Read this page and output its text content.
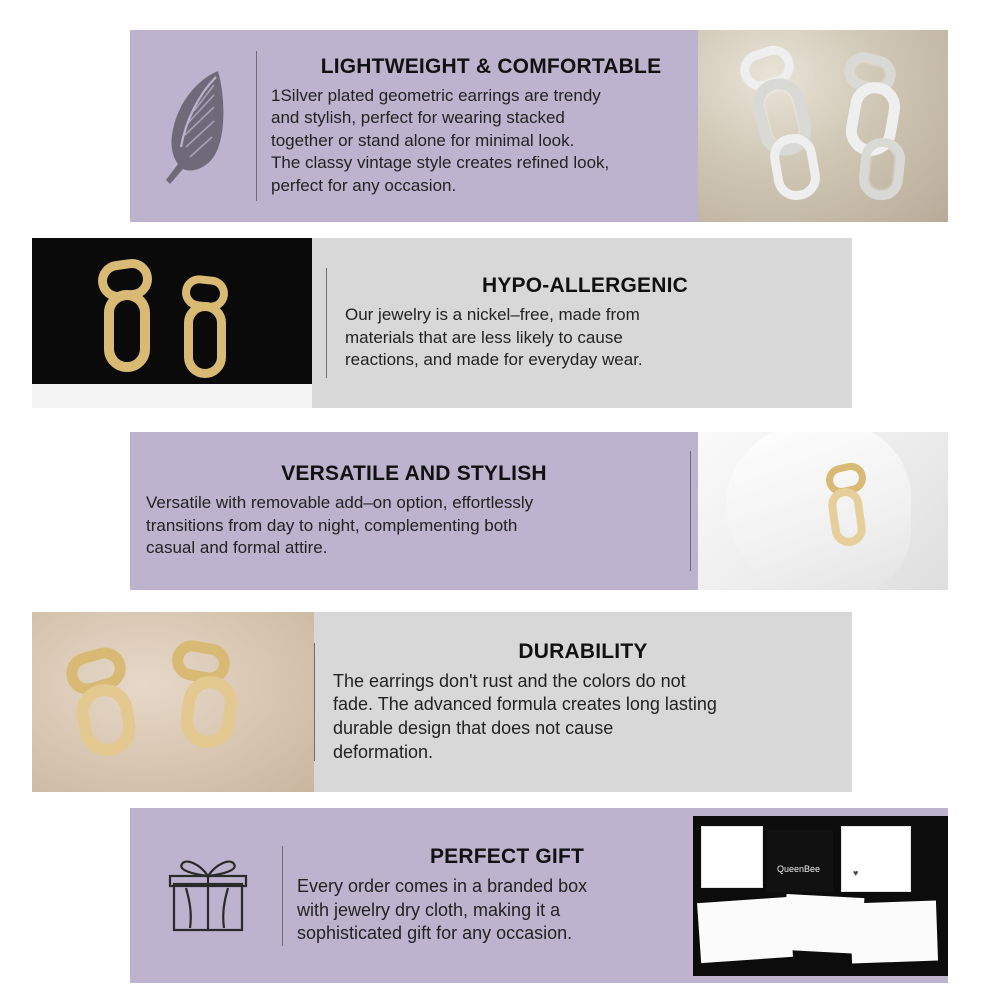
LIGHTWEIGHT & COMFORTABLE
1Silver plated geometric earrings are trendy
and stylish, perfect for wearing stacked
together or stand alone for minimal look.
The classy vintage style creates refined look,
perfect for any occasion.
HYPO-ALLERGENIC
Our jewelry is a nickel–free, made from
materials that are less likely to cause
reactions, and made for everyday wear.
VERSATILE AND STYLISH
Versatile with removable add–on option, effortlessly
transitions from day to night, complementing both
casual and formal attire.
DURABILITY
The earrings don't rust and the colors do not
fade. The advanced formula creates long lasting
durable design that does not cause
deformation.
PERFECT GIFT
Every order comes in a branded box
with jewelry dry cloth, making it a
sophisticated gift for any occasion.
QueenBee	♥
